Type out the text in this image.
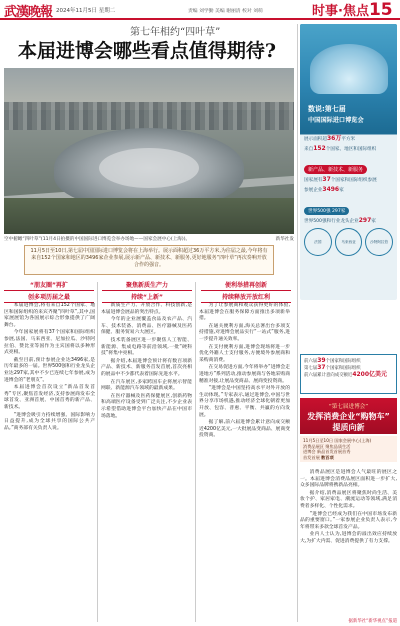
武漢晚報 2024年11月5日 星期二	责编 刘学勤 美编 谢丽清 校对 刘萌	时事·焦点15
第七年相约“四叶草”
本届进博会哪些看点值得期待?
空中俯瞰“四叶草”(11月4日拍摄的中国国际进口博览会举办场地——国家会展中心(上海))。	新华社发

11月5日至10日,第七届中国国际进口博览会将在上海举行。展示面积超过36万平方米,为往届之最,今年将有来自152个国家和地区的3496家企业参展,展示新产品、新技术、新服务,更好地服务“四叶草”再次奏响开放合作的强音。

“朋友圈”再扩
创多项历届之最

本届进博会,将有来自152个国家、地区和国际组织的来宾齐聚“四叶草”,其中,国家展展馆为各国展示综合形象提供了广阔舞台。

今年国家展将有37个国家和国际组织参展,法国、马来西亚、尼加拉瓜、沙特阿拉伯、赞比亚等国作为主宾国将以多种形式亮相。

截至目前,预计参展企业达3496家,是历年最多的一届。世界500强和行业龙头企业达297家,其中不少已连续七年参展,成为进博会的“老朋友”。

本届进博会首次设立“新品首发首秀”专区,聚焦首发经济,支持参展商发布全球首发、亚洲首展、中国首秀的新产品、新技术。

“进博会吸引力持续增强、国际影响力日益提升,成为全球共享的国际公共产品。”商务部有关负责人说。

聚焦新质生产力
持续“上新”

新质生产力、开放合作、科技创新,是本届进博会展品的突出特点。

今年的企业展覆盖食品及农产品、汽车、技术装备、消费品、医疗器械及医药保健、服务贸易六大展区。

技术装备展区进一步聚焦人工智能、新能源、集成电路等前沿领域,一批“硬科技”将集中亮相。

据介绍,本届进博会预计将有数百项新产品、新技术、新服务首发首展,首次亮相的展品中不少都代表着国际先进水平。

在汽车展区,多家跨国车企将展示智能网联、新能源汽车领域的最新成果。

在医疗器械及医药保健展区,创新药物和高端医疗设备受到广泛关注,不少企业表示希望借助进博会平台加快产品在中国市场落地。

便利举措再创新
持续释放开放红利

为了让参展商和观众获得更好的体验,本届进博会在服务保障方面推出多项新举措。

在通关便利方面,海关总署出台多项支持措施,对进博会展品实行“一站式”服务,进一步提升通关效率。

在支付便利方面,进博会现场将进一步优化外籍人士支付服务,方便境外参展商和采购商消费。

在交易促进方面,今年将举办“进博会走进地方”系列活动,推动参展商与各地采购商精准对接,让展品变商品、展商变投资商。

“进博会是中国坚持高水平对外开放的生动体现。”专家表示,通过进博会,中国与世界分享市场机遇,推动经济全球化朝着更加开放、包容、普惠、平衡、共赢的方向发展。

据了解,前六届进博会累计意向成交额近4200亿美元,一大批展品变商品、展商变投资商。

数说:第七届
中国国际进口博览会
展示面积超36万平方米
来自152个国家、地区和国际组织
新产品、新技术、新服务
国家展有37个国家和国际组织参展
参展企业3496家
世界500强 297家
世界500强和行业龙头企业297家
法国	马来西亚	沙特阿拉伯
前六届39个国家和国际组织
第七届37个国家和国际组织
前六届累计意向成交额近4200亿美元
“第七届进博会”
发挥消费企业“购物车”
提质向新
11月5日至10日 国家会展中心(上海)
消费品展区 聚焦品质生活
进博会 新品首发首展首秀
首发首展 数百项

消费品展区是进博会人气最旺的展区之一。本届进博会消费品展区面积进一步扩大,众多国际品牌将携新品亮相。

据介绍,消费品展区将聚焦时尚生活、美妆个护、家居家电、潮流运动等领域,满足消费者多样化、个性化需求。

“进博会已经成为我们在中国市场发布新品的重要窗口。”一家参展企业负责人表示,今年将带来多款全球首发产品。

业内人士认为,进博会的溢出效应持续放大,为扩大内需、促进消费提供了有力支撑。

据新华社“新华视点”报道
